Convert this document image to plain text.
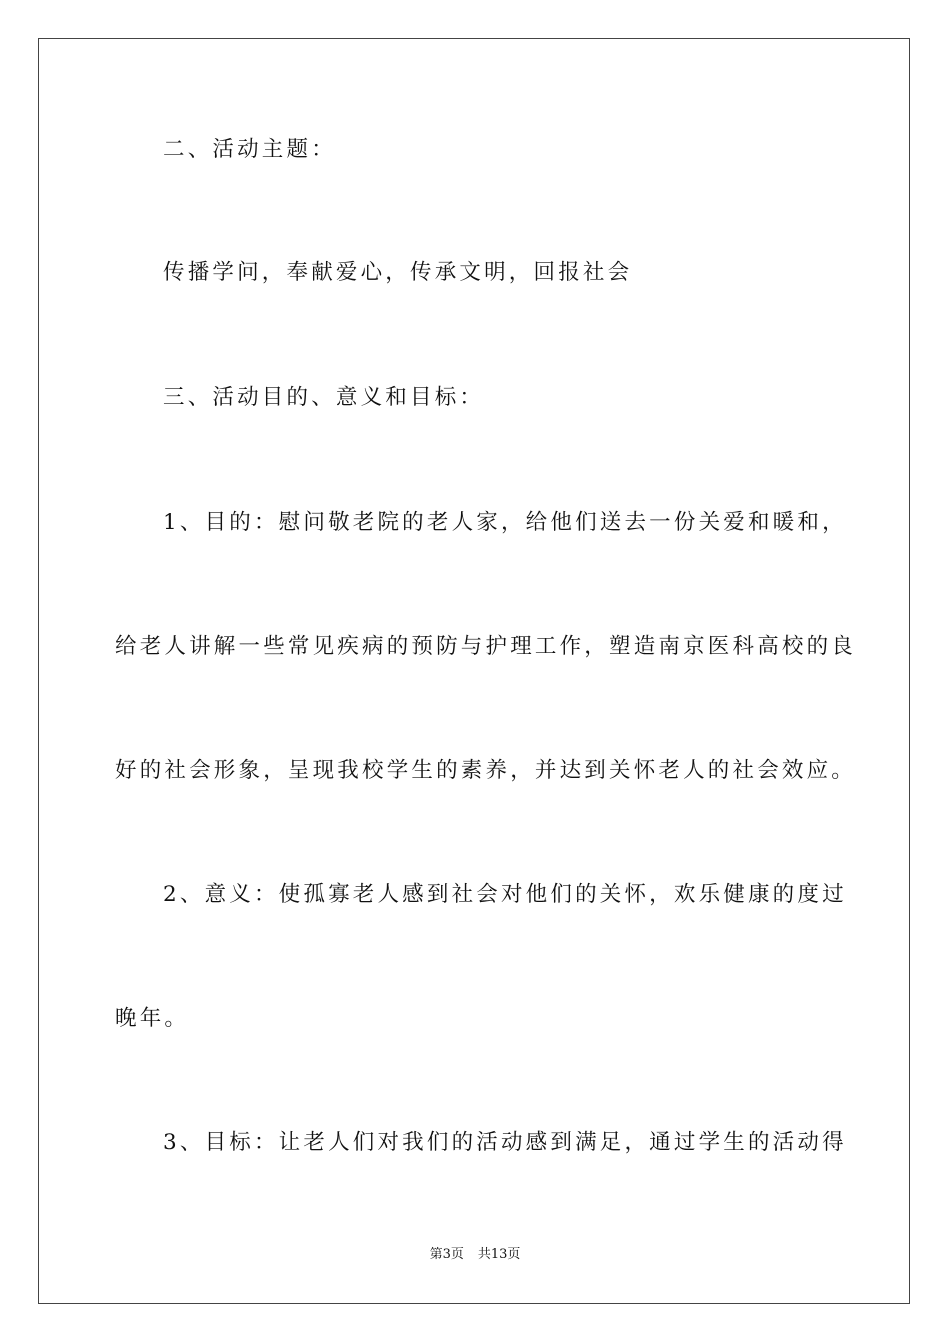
二、活动主题：
传播学问，奉献爱心，传承文明，回报社会
三、活动目的、意义和目标：
1、目的：慰问敬老院的老人家，给他们送去一份关爱和暖和，
给老人讲解一些常见疾病的预防与护理工作，塑造南京医科高校的良
好的社会形象，呈现我校学生的素养，并达到关怀老人的社会效应。
2、意义：使孤寡老人感到社会对他们的关怀，欢乐健康的度过
晚年。
3、目标：让老人们对我们的活动感到满足，通过学生的活动得
第3页 共13页
